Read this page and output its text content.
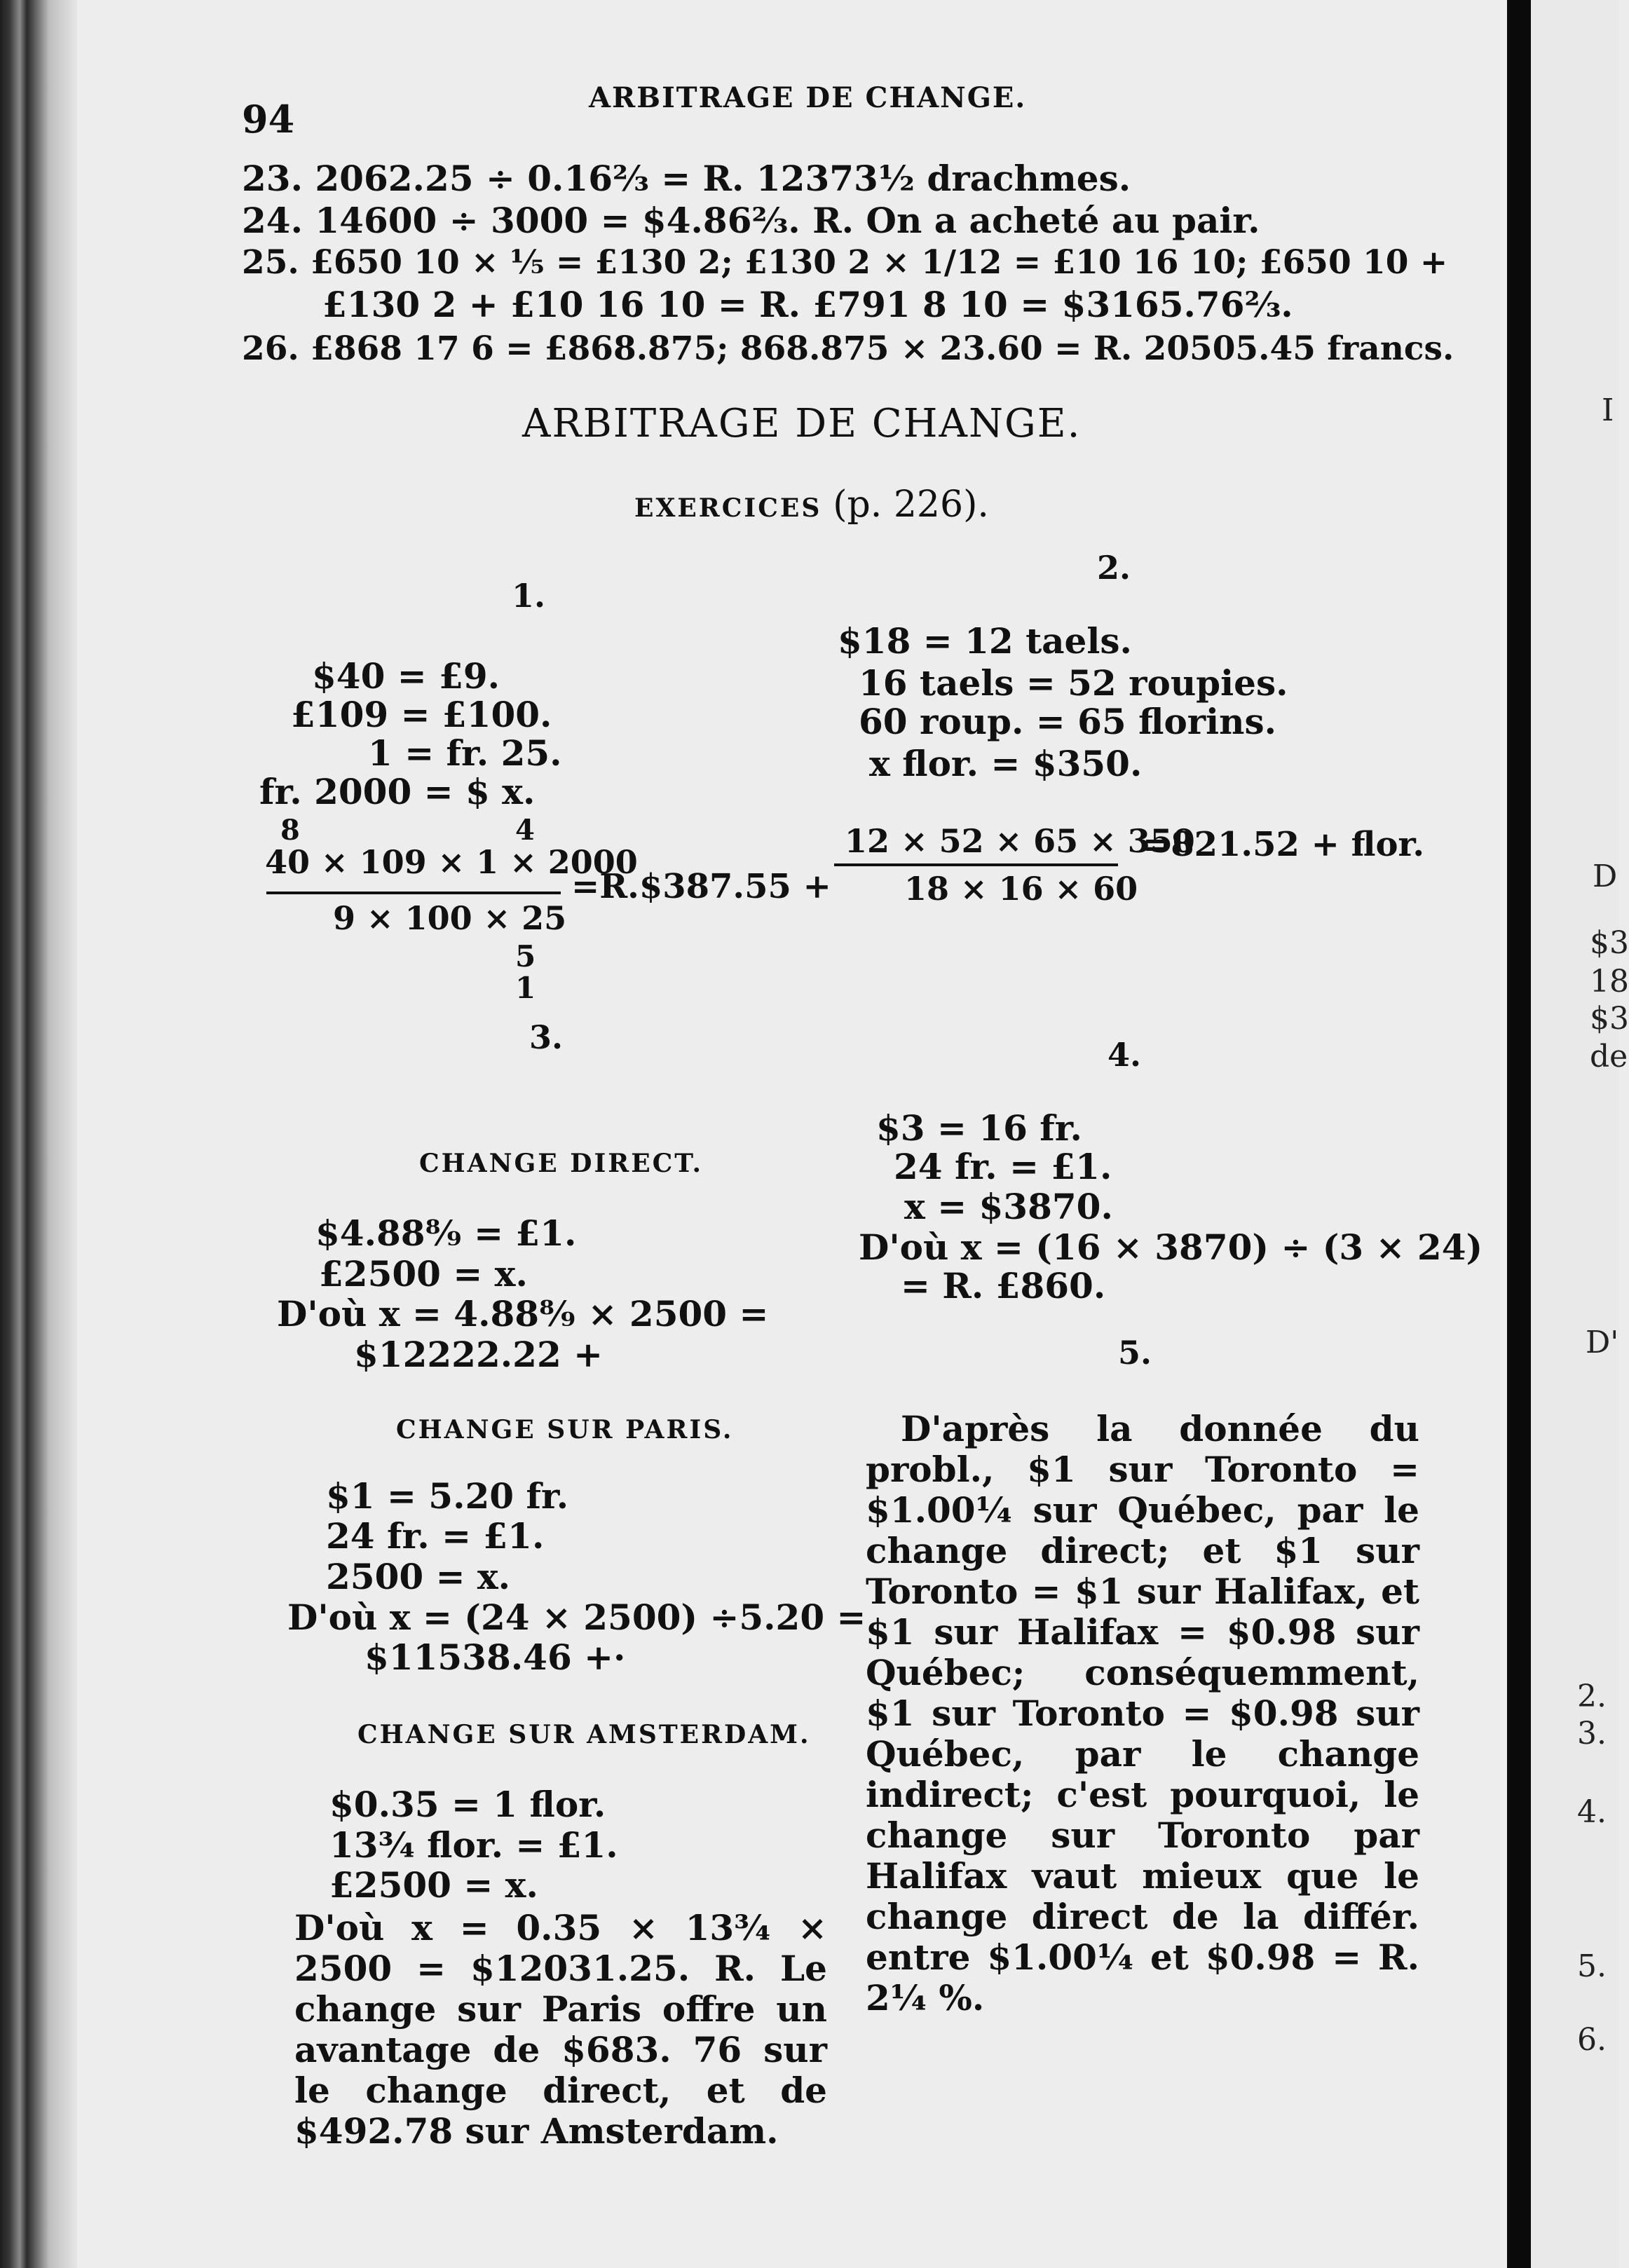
94	ARBITRAGE DE CHANGE.
23. 2062.25 ÷ 0.16⅔ = R. 12373½ drachmes.
24. 14600 ÷ 3000 = $4.86⅔. R. On a acheté au pair.
25. £650 10 × ⅕ = £130 2; £130 2 × 1/12 = £10 16 10; £650 10 +
£130 2 + £10 16 10 = R. £791 8 10 = $3165.76⅔.
26. £868 17 6 = £868.875; 868.875 × 23.60 = R. 20505.45 francs.
ARBITRAGE DE CHANGE.
EXERCICES (p. 226).
1.
$40 = £9.
£109 = £100.
1 = fr. 25.
fr. 2000 = $ x.
8	4
40 × 109 × 1 × 2000
9 × 100 × 25
=R.$387.55 +
5
1
2.
$18 = 12 taels.
16 taels = 52 roupies.
60 roup. = 65 florins.
x flor. = $350.
12 × 52 × 65 × 350
18 × 16 × 60
=821.52 + flor.
3.
CHANGE DIRECT.
$4.88⁸⁄₉ = £1.
£2500 = x.
D'où x = 4.88⁸⁄₉ × 2500 =
$12222.22 +
CHANGE SUR PARIS.
$1 = 5.20 fr.
24 fr. = £1.
2500 = x.
D'où x = (24 × 2500) ÷5.20 =
$11538.46 +·
CHANGE SUR AMSTERDAM.
$0.35 = 1 flor.
13¾ flor. = £1.
£2500 = x.
D'où x = 0.35 × 13¾ × 2500 = $12031.25. R. Le change sur Paris offre un avantage de $683. 76 sur le change direct, et de $492.78 sur Amsterdam.
4.
$3 = 16 fr.
24 fr. = £1.
x = $3870.
D'où x = (16 × 3870) ÷ (3 × 24)
= R. £860.
5.
D'après la donnée du probl., $1 sur Toronto = $1.00¼ sur Québec, par le change direct; et $1 sur Toronto = $1 sur Halifax, et $1 sur Halifax = $0.98 sur Québec; conséquemment, $1 sur Toronto = $0.98 sur Québec, par le change indirect; c'est pourquoi, le change sur Toronto par Halifax vaut mieux que le change direct de la différ. entre $1.00¼ et $0.98 = R. 2¼ %.
I
D
$3
18
$3
de
D'
2.
3.
4.
5.
6.
